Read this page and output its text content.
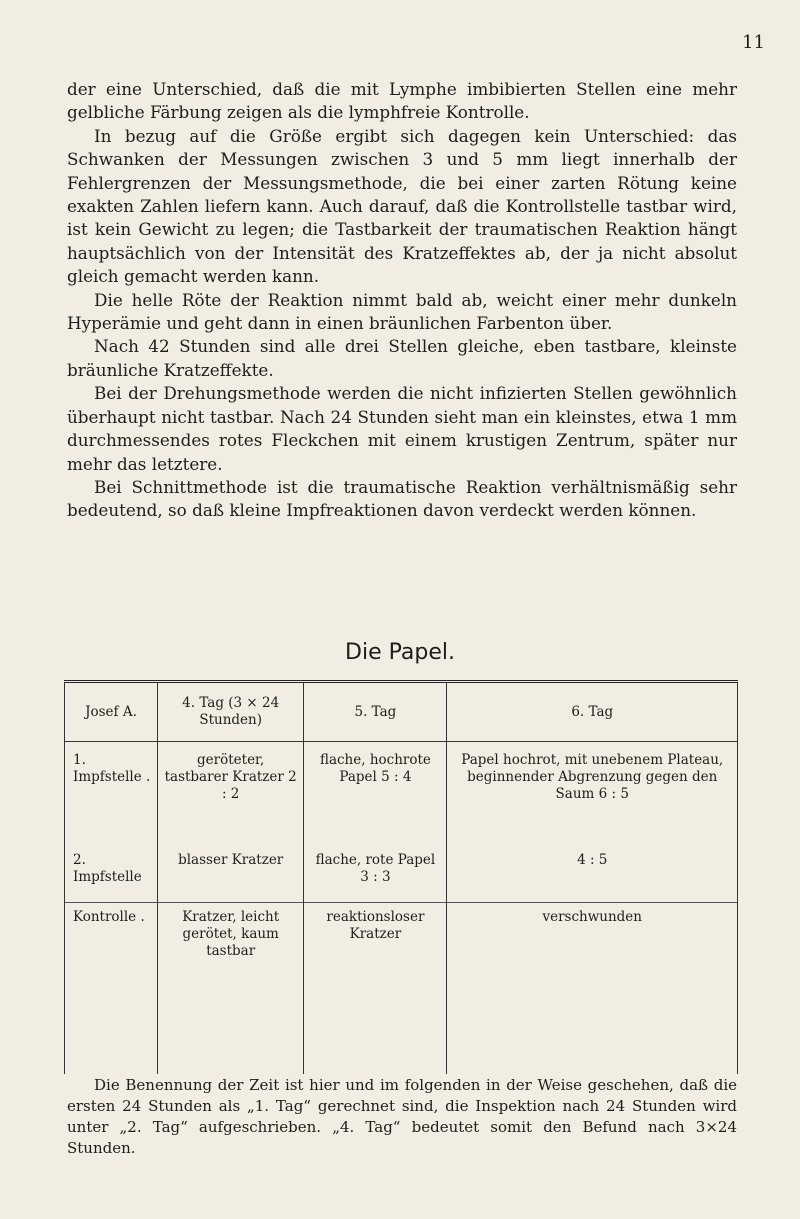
11

der eine Unterschied, daß die mit Lymphe imbibierten Stellen eine mehr gelbliche Färbung zeigen als die lymphfreie Kontrolle.

In bezug auf die Größe ergibt sich dagegen kein Unterschied: das Schwanken der Messungen zwischen 3 und 5 mm liegt innerhalb der Fehlergrenzen der Messungsmethode, die bei einer zarten Rötung keine exakten Zahlen liefern kann. Auch darauf, daß die Kontrollstelle tastbar wird, ist kein Gewicht zu legen; die Tastbarkeit der traumatischen Reaktion hängt hauptsächlich von der Intensität des Kratzeffektes ab, der ja nicht absolut gleich gemacht werden kann.

Die helle Röte der Reaktion nimmt bald ab, weicht einer mehr dunkeln Hyperämie und geht dann in einen bräunlichen Farbenton über.

Nach 42 Stunden sind alle drei Stellen gleiche, eben tastbare, kleinste bräunliche Kratzeffekte.

Bei der Drehungsmethode werden die nicht infizierten Stellen gewöhnlich überhaupt nicht tastbar. Nach 24 Stunden sieht man ein kleinstes, etwa 1 mm durchmessendes rotes Fleckchen mit einem krustigen Zentrum, später nur mehr das letztere.

Bei Schnittmethode ist die traumatische Reaktion verhältnismäßig sehr bedeutend, so daß kleine Impfreaktionen davon verdeckt werden können.

Die Papel.
Josef A.	4. Tag (3 × 24 Stunden)	5. Tag	6. Tag
1. Impfstelle .	geröteter, tastbarer Kratzer 2 : 2	flache, hochrote Papel 5 : 4	Papel hochrot, mit unebenem Plateau, beginnender Abgrenzung gegen den Saum 6 : 5
2. Impfstelle	blasser Kratzer	flache, rote Papel 3 : 3	4 : 5
Kontrolle .	Kratzer, leicht gerötet, kaum tastbar	reaktionsloser Kratzer	verschwunden

Die Benennung der Zeit ist hier und im folgenden in der Weise geschehen, daß die ersten 24 Stunden als „1. Tag“ gerechnet sind, die Inspektion nach 24 Stunden wird unter „2. Tag“ aufgeschrieben. „4. Tag“ bedeutet somit den Befund nach 3×24 Stunden.
